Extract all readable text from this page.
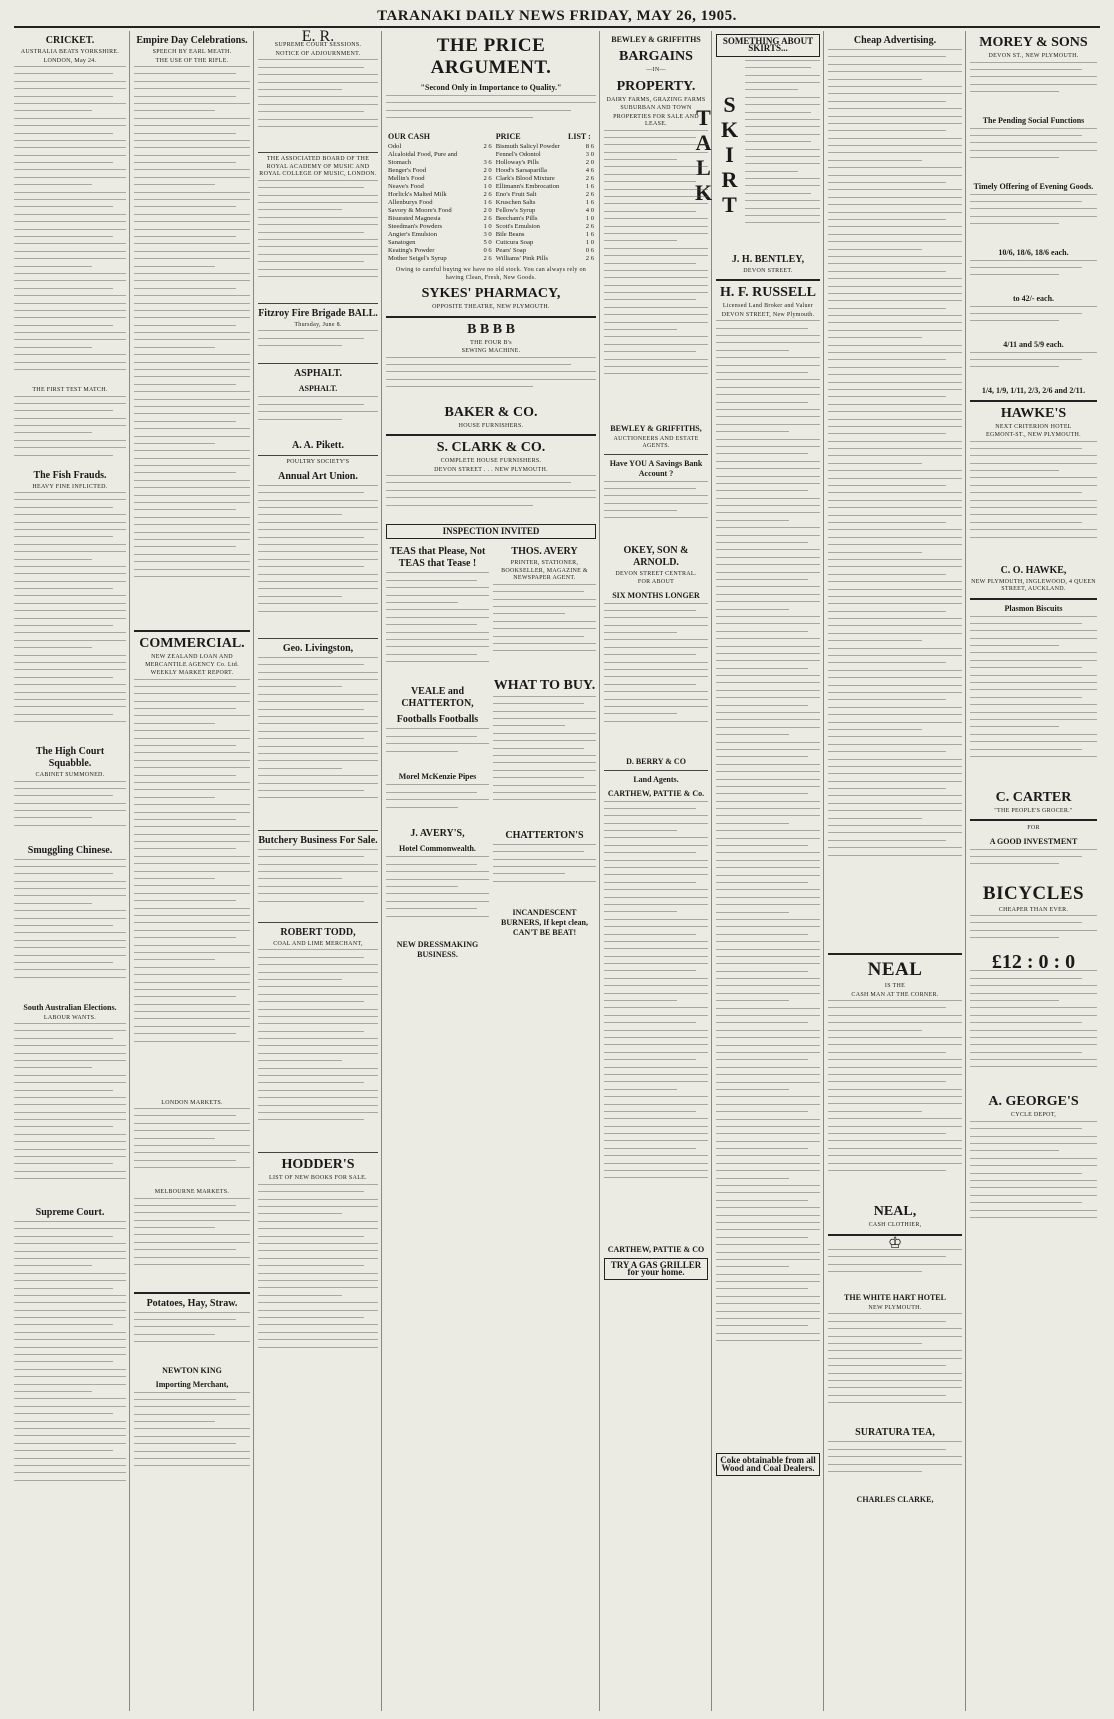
TARANAKI DAILY NEWS FRIDAY, MAY 26, 1905.
CRICKET.
AUSTRALIA BEATS YORKSHIRE.
LONDON, May 24.
THE FIRST TEST MATCH.
The Fish Frauds.
HEAVY FINE INFLICTED.
The High Court Squabble.
CABINET SUMMONED.
Smuggling Chinese.
South Australian Elections.
LABOUR WANTS.
Supreme Court.
Empire Day Celebrations.
SPEECH BY EARL MEATH.
THE USE OF THE RIFLE.
COMMERCIAL.
NEW ZEALAND LOAN AND MERCANTILE AGENCY Co. Ltd.
WEEKLY MARKET REPORT.
LONDON MARKETS.
MELBOURNE MARKETS.
Potatoes, Hay, Straw.
NEWTON KING
Importing Merchant,
E. R.
SUPREME COURT SESSIONS.
NOTICE OF ADJOURNMENT.
THE ASSOCIATED BOARD OF THE ROYAL ACADEMY OF MUSIC AND ROYAL COLLEGE OF MUSIC, LONDON.
Fitzroy Fire Brigade BALL.
Thursday, June 8.
ASPHALT.
ASPHALT.
A. A. Pikett.
POULTRY SOCIETY'S
Annual Art Union.
Geo. Livingston,
Butchery Business For Sale.
ROBERT TODD,
COAL AND LIME MERCHANT,
HODDER'S
LIST OF NEW BOOKS FOR SALE.
THE PRICE ARGUMENT.
"Second Only in Importance to Quality."
OUR CASH		PRICE	LIST :
Odol	2 6	Bismuth Salicyl Powder	8 6
Alcaloidal Food, Pure and		Fennel's Odontol	3 0
Stomach	3 6	Holloway's Pills	2 0
Benger's Food	2 0	Hood's Sarsaparilla	4 6
Mellin's Food	2 6	Clark's Blood Mixture	2 6
Neave's Food	1 0	Ellimann's Embrocation	1 6
Horlick's Malted Milk	2 6	Eno's Fruit Salt	2 6
Allenburys Food	1 6	Kruschen Salts	1 6
Savory & Moore's Food	2 0	Fellow's Syrup	4 0
Bisurated Magnesia	2 6	Beecham's Pills	1 0
Steedman's Powders	1 0	Scott's Emulsion	2 6
Angier's Emulsion	3 0	Bile Beans	1 6
Sanatogen	5 0	Cuticura Soap	1 0
Keating's Powder	0 6	Pears' Soap	0 6
Mother Seigel's Syrup	2 6	Williams' Pink Pills	2 6
Owing to careful buying we have no old stock. You can always rely on having Clean, Fresh, New Goods.
SYKES' PHARMACY,
OPPOSITE THEATRE, NEW PLYMOUTH.
B B B B
THE FOUR B's
SEWING MACHINE.
BAKER & CO.
HOUSE FURNISHERS.
S. CLARK & CO.
COMPLETE HOUSE FURNISHERS.
DEVON STREET . . . NEW PLYMOUTH.
INSPECTION INVITED
TEAS that Please, Not TEAS that Tease !
VEALE and CHATTERTON,
Footballs Footballs
Morel McKenzie Pipes
J. AVERY'S,
Hotel Commonwealth.
NEW DRESSMAKING BUSINESS.
THOS. AVERY
PRINTER, STATIONER, BOOKSELLER, MAGAZINE & NEWSPAPER AGENT.
WHAT TO BUY.
CHATTERTON'S
INCANDESCENT BURNERS, If kept clean, CAN'T BE BEAT!
BEWLEY & GRIFFITHS
BARGAINS
—IN—
PROPERTY.
DAIRY FARMS, GRAZING FARMS
SUBURBAN AND TOWN
PROPERTIES FOR SALE AND LEASE.
BEWLEY & GRIFFITHS,
AUCTIONEERS AND ESTATE AGENTS.
Have YOU A Savings Bank Account ?
OKEY, SON & ARNOLD.
DEVON STREET CENTRAL.
FOR ABOUT
SIX MONTHS LONGER
D. BERRY & CO
Land Agents.
CARTHEW, PATTIE & Co.
CARTHEW, PATTIE & CO
TRY A GAS GRILLER for your home.
SOMETHING ABOUT SKIRTS...
SKIRT TALK
J. H. BENTLEY,
DEVON STREET.
H. F. RUSSELL
Licensed Land Broker and Valuer
DEVON STREET, New Plymouth.
Coke obtainable from all Wood and Coal Dealers.
Cheap Advertising.
NEAL
IS THE
CASH MAN AT THE CORNER.
NEAL,
CASH CLOTHIER,
♔
THE WHITE HART HOTEL
NEW PLYMOUTH.
SURATURA TEA,
CHARLES CLARKE,
MOREY & SONS
DEVON ST., NEW PLYMOUTH.
The Pending Social Functions
Timely Offering of Evening Goods.
10/6, 18/6, 18/6 each.
to 42/- each.
4/11 and 5/9 each.
1/4, 1/9, 1/11, 2/3, 2/6 and 2/11.
HAWKE'S
NEXT CRITERION HOTEL
EGMONT-ST., NEW PLYMOUTH.
C. O. HAWKE,
NEW PLYMOUTH, INGLEWOOD, 4 QUEEN STREET, AUCKLAND.
Plasmon Biscuits
C. CARTER
"THE PEOPLE'S GROCER."
FOR
A GOOD INVESTMENT
BICYCLES
CHEAPER THAN EVER.
£12 : 0 : 0
A. GEORGE'S
CYCLE DEPOT,
